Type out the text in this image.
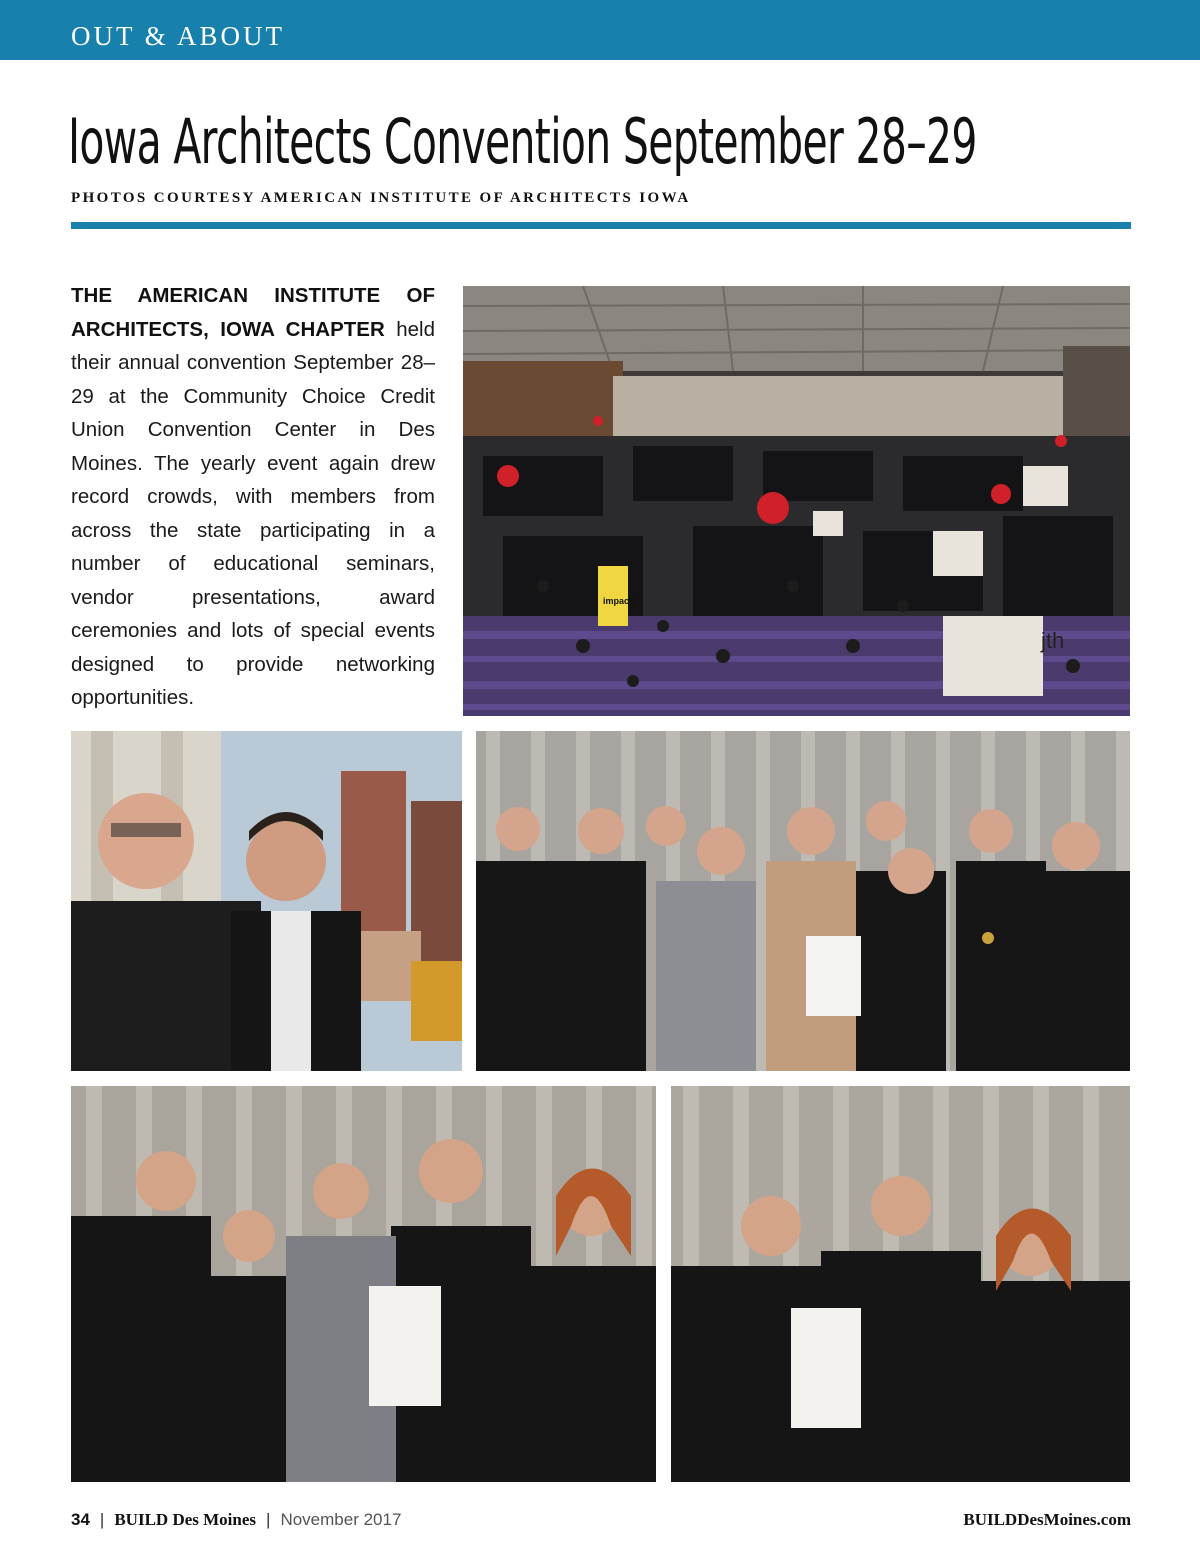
OUT & ABOUT
Iowa Architects Convention September 28–29
PHOTOS COURTESY AMERICAN INSTITUTE OF ARCHITECTS IOWA
THE AMERICAN INSTITUTE OF ARCHITECTS, IOWA CHAPTER held their annual convention September 28–29 at the Community Choice Credit Union Convention Center in Des Moines. The yearly event again drew record crowds, with members from across the state participating in a number of educational seminars, vendor presentations, award ceremonies and lots of special events designed to provide networking opportunities.
impacty
jth
34 | BUILD Des Moines | November 2017	BUILDDesMoines.com
